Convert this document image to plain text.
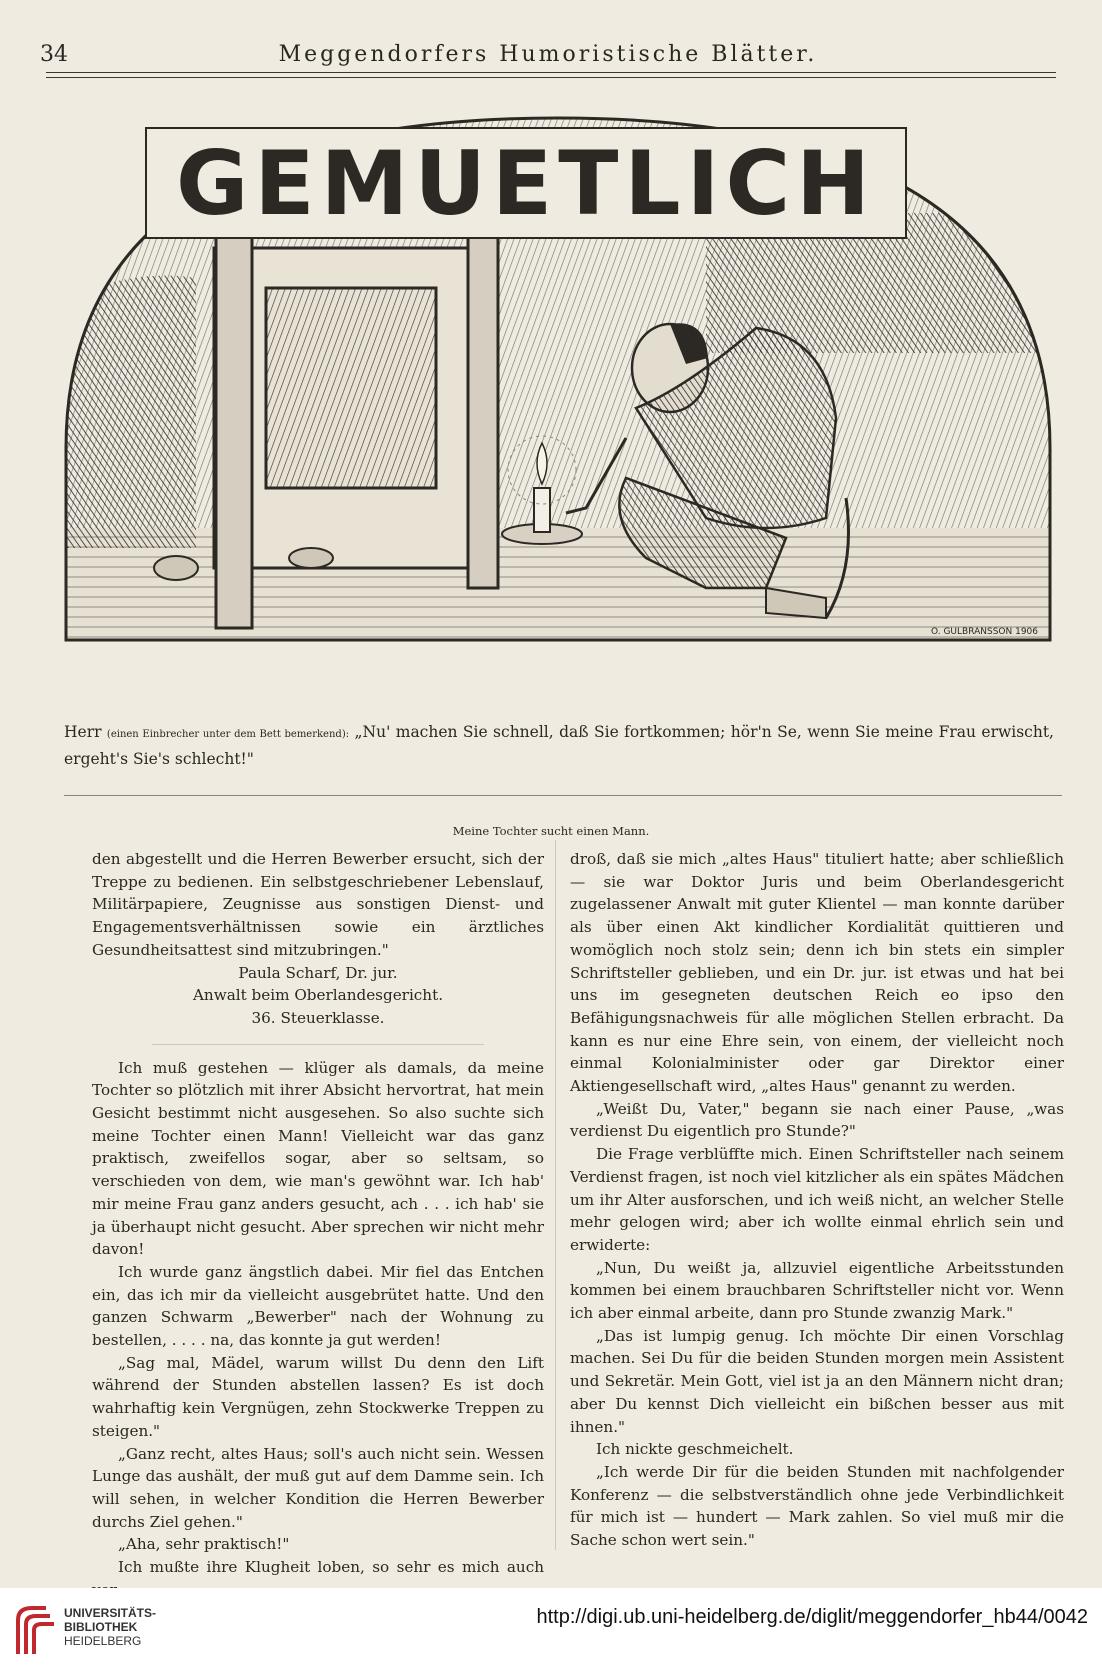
34	Meggendorfers Humoristische Blätter.
GEMUETLICH
O. GULBRANSSON 1906
Herr (einen Einbrecher unter dem Bett bemerkend): „Nu' machen Sie schnell, daß Sie fortkommen; hör'n Se, wenn Sie meine Frau erwischt, ergeht's Sie's schlecht!"
Meine Tochter sucht einen Mann.

den abgestellt und die Herren Bewerber ersucht, sich der Treppe zu bedienen. Ein selbstgeschriebener Lebenslauf, Militärpapiere, Zeugnisse aus sonstigen Dienst- und Engagementsverhältnissen sowie ein ärztliches Gesundheitsattest sind mitzubringen."

Paula Scharf, Dr. jur.

Anwalt beim Oberlandesgericht.

36. Steuerklasse.

Ich muß gestehen — klüger als damals, da meine Tochter so plötzlich mit ihrer Absicht hervortrat, hat mein Gesicht bestimmt nicht ausgesehen. So also suchte sich meine Tochter einen Mann! Vielleicht war das ganz praktisch, zweifellos sogar, aber so seltsam, so verschieden von dem, wie man's gewöhnt war. Ich hab' mir meine Frau ganz anders gesucht, ach . . . ich hab' sie ja überhaupt nicht gesucht. Aber sprechen wir nicht mehr davon!

Ich wurde ganz ängstlich dabei. Mir fiel das Entchen ein, das ich mir da vielleicht ausgebrütet hatte. Und den ganzen Schwarm „Bewerber" nach der Wohnung zu bestellen, . . . . na, das konnte ja gut werden!

„Sag mal, Mädel, warum willst Du denn den Lift während der Stunden abstellen lassen? Es ist doch wahrhaftig kein Vergnügen, zehn Stockwerke Treppen zu steigen."

„Ganz recht, altes Haus; soll's auch nicht sein. Wessen Lunge das aushält, der muß gut auf dem Damme sein. Ich will sehen, in welcher Kondition die Herren Bewerber durchs Ziel gehen."

„Aha, sehr praktisch!"

Ich mußte ihre Klugheit loben, so sehr es mich auch

droß, daß sie mich „altes Haus" tituliert hatte; aber schließlich — sie war Doktor Juris und beim Oberlandesgericht zugelassener Anwalt mit guter Klientel — man konnte darüber als über einen Akt kindlicher Kordialität quittieren und womöglich noch stolz sein; denn ich bin stets ein simpler Schriftsteller geblieben, und ein Dr. jur. ist etwas und hat bei uns im gesegneten deutschen Reich eo ipso den Befähigungsnachweis für alle möglichen Stellen erbracht. Da kann es nur eine Ehre sein, von einem, der vielleicht noch einmal Kolonialminister oder gar Direktor einer Aktiengesellschaft wird, „altes Haus" genannt zu werden.

„Weißt Du, Vater," begann sie nach einer Pause, „was verdienst Du eigentlich pro Stunde?"

Die Frage verblüffte mich. Einen Schriftsteller nach seinem Verdienst fragen, ist noch viel kitzlicher als ein spätes Mädchen um ihr Alter ausforschen, und ich weiß nicht, an welcher Stelle mehr gelogen wird; aber ich wollte einmal ehrlich sein und erwiderte:

„Nun, Du weißt ja, allzuviel eigentliche Arbeitsstunden kommen bei einem brauchbaren Schriftsteller nicht vor. Wenn ich aber einmal arbeite, dann pro Stunde zwanzig Mark."

„Das ist lumpig genug. Ich möchte Dir einen Vorschlag machen. Sei Du für die beiden Stunden morgen mein Assistent und Sekretär. Mein Gott, viel ist ja an den Männern nicht dran; aber Du kennst Dich vielleicht ein bißchen besser aus mit ihnen."

Ich nickte geschmeichelt.

„Ich werde Dir für die beiden Stunden mit nachfolgender Konferenz — die selbstverständlich ohne jede Verbindlichkeit für mich ist — hundert — Mark zahlen. So viel muß mir die Sache schon wert sein."

UNIVERSITÄTS-
BIBLIOTHEK
HEIDELBERG
http://digi.ub.uni-heidelberg.de/diglit/meggendorfer_hb44/0042
